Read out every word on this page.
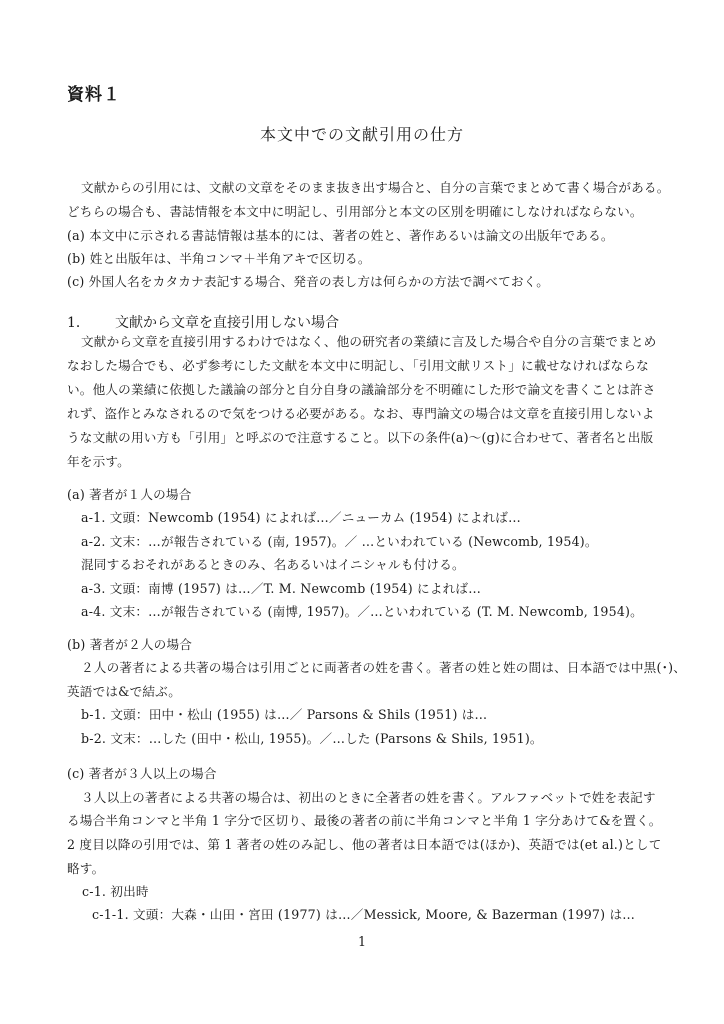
資料１
本文中での文献引用の仕方
文献からの引用には、文献の文章をそのまま抜き出す場合と、自分の言葉でまとめて書く場合がある。
どちらの場合も、書誌情報を本文中に明記し、引用部分と本文の区別を明確にしなければならない。
(a) 本文中に示される書誌情報は基本的には、著者の姓と、著作あるいは論文の出版年である。
(b) 姓と出版年は、半角コンマ＋半角アキで区切る。
(c) 外国人名をカタカナ表記する場合、発音の表し方は何らかの方法で調べておく。
1． 文献から文章を直接引用しない場合
文献から文章を直接引用するわけではなく、他の研究者の業績に言及した場合や自分の言葉でまとめ
なおした場合でも、必ず参考にした文献を本文中に明記し、「引用文献リスト」に載せなければならな
い。他人の業績に依拠した議論の部分と自分自身の議論部分を不明確にした形で論文を書くことは許さ
れず、盗作とみなされるので気をつける必要がある。なお、専門論文の場合は文章を直接引用しないよ
うな文献の用い方も「引用」と呼ぶので注意すること。以下の条件(a)～(g)に合わせて、著者名と出版
年を示す。
(a) 著者が１人の場合
a‐1. 文頭：Newcomb (1954) によれば…／ニューカム (1954) によれば…
a‐2. 文末：…が報告されている (南, 1957)。／ …といわれている (Newcomb, 1954)。
混同するおそれがあるときのみ、名あるいはイニシャルも付ける。
a‐3. 文頭：南博 (1957) は…／T. M. Newcomb (1954) によれば…
a‐4. 文末：…が報告されている (南博, 1957)。／…といわれている (T. M. Newcomb, 1954)。
(b) 著者が２人の場合
２人の著者による共著の場合は引用ごとに両著者の姓を書く。著者の姓と姓の間は、日本語では中黒(･)、
英語では&で結ぶ。
b‐1. 文頭：田中・松山 (1955) は…／ Parsons & Shils (1951) は…
b‐2. 文末：…した (田中・松山, 1955)。／…した (Parsons & Shils, 1951)。
(c) 著者が３人以上の場合
３人以上の著者による共著の場合は、初出のときに全著者の姓を書く。アルファベットで姓を表記す
る場合半角コンマと半角 1 字分で区切り、最後の著者の前に半角コンマと半角 1 字分あけて&を置く。
2 度目以降の引用では、第 1 著者の姓のみ記し、他の著者は日本語では(ほか)、英語では(et al.)として
略す。
c‐1. 初出時
c‐1‐1. 文頭：大森・山田・宮田 (1977) は…／Messick, Moore, & Bazerman (1997) は…
1
